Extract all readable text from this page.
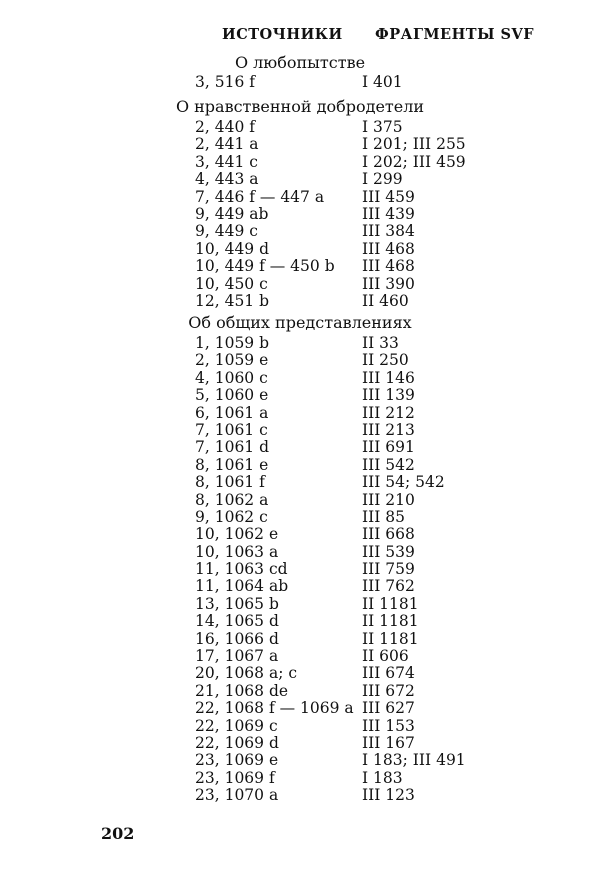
ИСТОЧНИКИ ФРАГМЕНТЫ SVF
О любопытстве
3, 516 f	I 401
О нравственной добродетели
2, 440 f	I 375
2, 441 a	I 201; III 255
3, 441 c	I 202; III 459
4, 443 a	I 299
7, 446 f — 447 a III 459
9, 449 ab	III 439
9, 449 c	III 384
10, 449 d	III 468
10, 449 f — 450 b III 468
10, 450 c	III 390
12, 451 b	II 460
Об общих представлениях
1, 1059 b	II 33
2, 1059 e	II 250
4, 1060 c	III 146
5, 1060 e	III 139
6, 1061 a	III 212
7, 1061 c	III 213
7, 1061 d	III 691
8, 1061 e	III 542
8, 1061 f	III 54; 542
8, 1062 a	III 210
9, 1062 c	III 85
10, 1062 e	III 668
10, 1063 a	III 539
11, 1063 cd	III 759
11, 1064 ab	III 762
13, 1065 b	II 1181
14, 1065 d	II 1181
16, 1066 d	II 1181
17, 1067 a	II 606
20, 1068 a; c	III 674
21, 1068 de	III 672
22, 1068 f — 1069 a III 627
22, 1069 c	III 153
22, 1069 d	III 167
23, 1069 e	I 183; III 491
23, 1069 f	I 183
23, 1070 a	III 123
202
